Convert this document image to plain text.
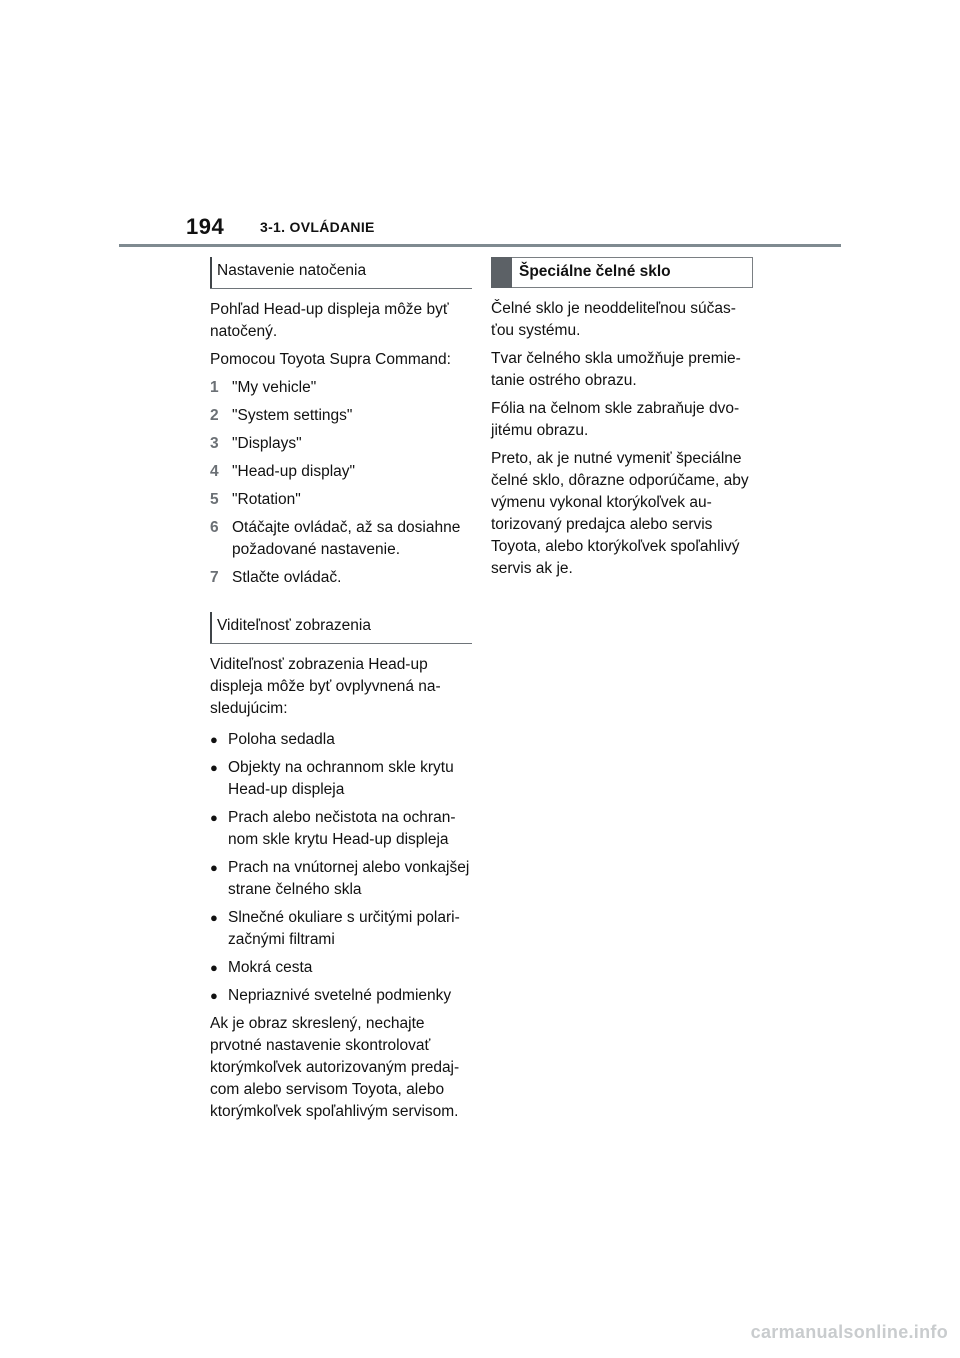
194	3-1. OVLÁDANIE
Nastavenie natočenia

Pohľad Head-up displeja môže byť natočený.

Pomocou Toyota Supra Command:

1 "My vehicle"
2 "System settings"
3 "Displays"
4 "Head-up display"
5 "Rotation"
6 Otáčajte ovládač, až sa dosiahne požadované nastavenie.
7 Stlačte ovládač.
Viditeľnosť zobrazenia

Viditeľnosť zobrazenia Head-up displeja môže byť ovplyvnená nasledujúcim:

● Poloha sedadla
● Objekty na ochrannom skle krytu Head-up displeja
● Prach alebo nečistota na ochrannom skle krytu Head-up displeja
● Prach na vnútornej alebo vonkajšej strane čelného skla
● Slnečné okuliare s určitými polarizačnými filtrami
● Mokrá cesta
● Nepriaznivé svetelné podmienky

Ak je obraz skreslený, nechajte prvotné nastavenie skontrolovať ktorýmkoľvek autorizovaným predajcom alebo servisom Toyota, alebo ktorýmkoľvek spoľahlivým servisom.

Špeciálne čelné sklo

Čelné sklo je neoddeliteľnou súčasťou systému.

Tvar čelného skla umožňuje premietanie ostrého obrazu.

Fólia na čelnom skle zabraňuje dvojitému obrazu.

Preto, ak je nutné vymeniť špeciálne čelné sklo, dôrazne odporúčame, aby výmenu vykonal ktorýkoľvek autorizovaný predajca alebo servis Toyota, alebo ktorýkoľvek spoľahlivý servis ak je.

carmanualsonline.info
